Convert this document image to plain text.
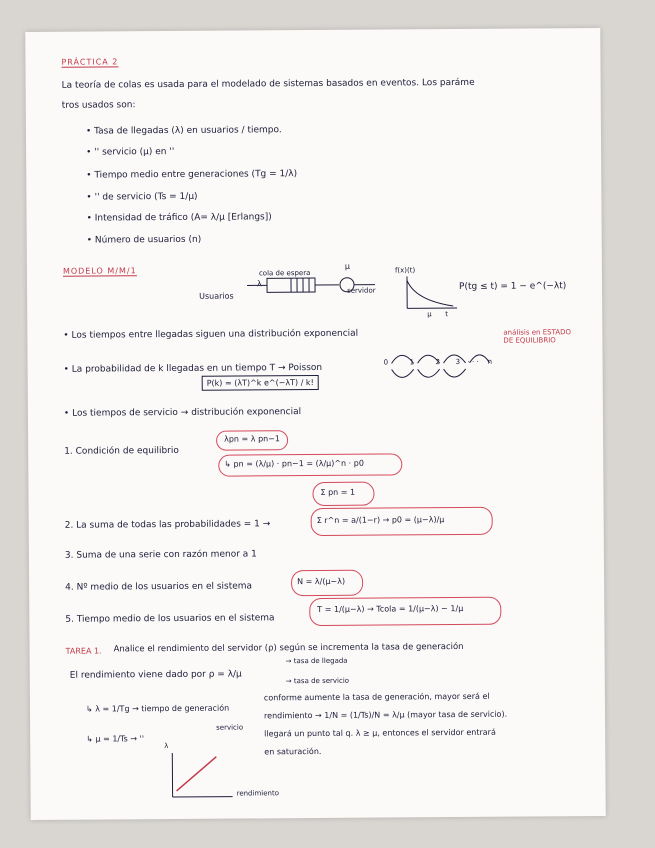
PRÁCTICA 2
La teoría de colas es usada para el modelado de sistemas basados en eventos. Los paráme
tros usados son:
• Tasa de llegadas (λ) en usuarios / tiempo.
• '' servicio (μ) en ''
• Tiempo medio entre generaciones (Tg = 1/λ)
• '' de servicio (Ts = 1/μ)
• Intensidad de tráfico (A= λ/μ [Erlangs])
• Número de usuarios (n)
MODELO M/M/1
Usuarios
cola de espera
λ
μ
servidor
f(x)(t)
μ t
P(tg ≤ t) = 1 − e^(−λt)
• Los tiempos entre llegadas siguen una distribución exponencial
• La probabilidad de k llegadas en un tiempo T → Poisson
P(k) = (λT)^k e^(−λT) / k!
0	1	2 3 · · · n
análisis en ESTADO DE EQUILIBRIO
• Los tiempos de servicio → distribución exponencial
1. Condición de equilibrio
λpn = λ pn−1
↳ pn = (λ/μ) · pn−1 = (λ/μ)^n · p0
Σ pn = 1
2. La suma de todas las probabilidades = 1 →	Σ r^n = a/(1−r) → p0 = (μ−λ)/μ
3. Suma de una serie con razón menor a 1
4. Nº medio de los usuarios en el sistema	N = λ/(μ−λ)
5. Tiempo medio de los usuarios en el sistema
T = 1/(μ−λ) → Tcola = 1/(μ−λ) − 1/μ
TAREA 1. Analice el rendimiento del servidor (ρ) según se incrementa la tasa de generación
El rendimiento viene dado por ρ = λ/μ
→ tasa de llegada
→ tasa de servicio
↳ λ = 1/Tg → tiempo de generación
↳ μ = 1/Ts → ''
servicio
conforme aumente la tasa de generación, mayor será el
rendimiento → 1/N = (1/Ts)/N = λ/μ (mayor tasa de servicio).
llegará un punto tal q. λ ≥ μ, entonces el servidor entrará
en saturación.
λ
rendimiento
